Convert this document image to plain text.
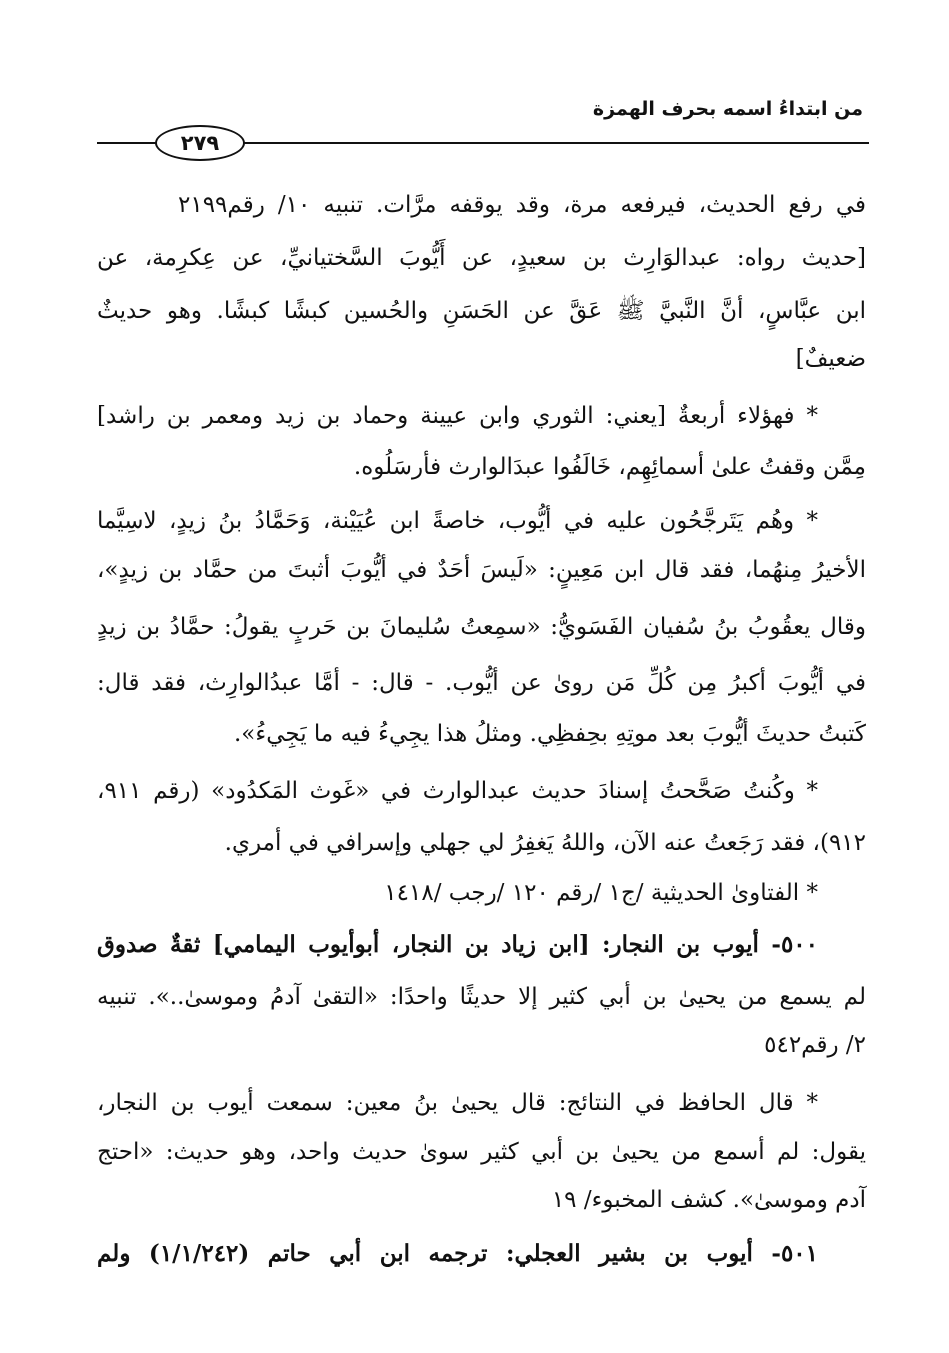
من ابتداءُ اسمه بحرف الهمزة
٢٧٩
في رفع الحديث، فيرفعه مرة، وقد يوقفه مرَّات. تنبيه ١٠/ رقم٢١٩٩
[حديث رواه: عبدالوَارِث بن سعيدٍ، عن أَيُّوبَ السَّختيانيِّ، عن عِكرِمة، عن
ابن عبَّاسٍ، أنَّ النَّبيَّ ﷺ عَقَّ عن الحَسَنِ والحُسين كبشًا كبشًا. وهو حديثٌ
ضعيفٌ]
* فهؤلاء أربعةٌ [يعني: الثوري وابن عيينة وحماد بن زيد ومعمر بن راشد]
مِمَّن وقفتُ علىٰ أسمائِهِم، خَالَفُوا عبدَالوارث فأرسَلُوه.
* وهُم يَتَرجَّحُون عليه في أيُّوب، خاصةً ابن عُيَيْنة، وَحَمَّادُ بنُ زيدٍ، لاسِيَّما
الأخيرُ مِنهُما، فقد قال ابن مَعِينٍ: «لَيسَ أحَدٌ في أيُّوبَ أثبتَ من حمَّاد بن زيدٍ»،
وقال يعقُوبُ بنُ سُفيان الفَسَويُّ: «سمِعتُ سُليمانَ بن حَربٍ يقولُ: حمَّادُ بن زيدٍ
في أيُّوبَ أكبرُ مِن كُلِّ مَن روىٰ عن أيُّوب. - قال: - أمَّا عبدُالوارِث، فقد قال:
كَتبتُ حديثَ أيُّوبَ بعد موتِهِ بحِفظِي. ومثلُ هذا يجِيءُ فيه ما يَجِيءُ».
* وكُنتُ صَحَّحتُ إسنادَ حديث عبدالوارث في «غَوث المَكدُود» (رقم ٩١١،
٩١٢)، فقد رَجَعتُ عنه الآن، واللهُ يَغفِرُ لي جهلي وإسرافي في أمري.
* الفتاوىٰ الحديثية /ج١ /رقم ١٢٠ /رجب /١٤١٨
٥٠٠- أيوب بن النجار: [ابن زياد بن النجار، أبوأيوب اليمامي] ثقةٌ صدوق
لم يسمع من يحيىٰ بن أبي كثير إلا حديثًا واحدًا: «التقىٰ آدمُ وموسىٰ..». تنبيه
٢/ رقم٥٤٢
* قال الحافظ في النتائج: قال يحيىٰ بنُ معين: سمعت أيوب بن النجار،
يقول: لم أسمع من يحيىٰ بن أبي كثير سوىٰ حديث واحد، وهو حديث: «احتج
آدم وموسىٰ». كشف المخبوء/ ١٩
٥٠١- أيوب بن بشير العجلي: ترجمه ابن أبي حاتم (١/١/٢٤٢) ولم
